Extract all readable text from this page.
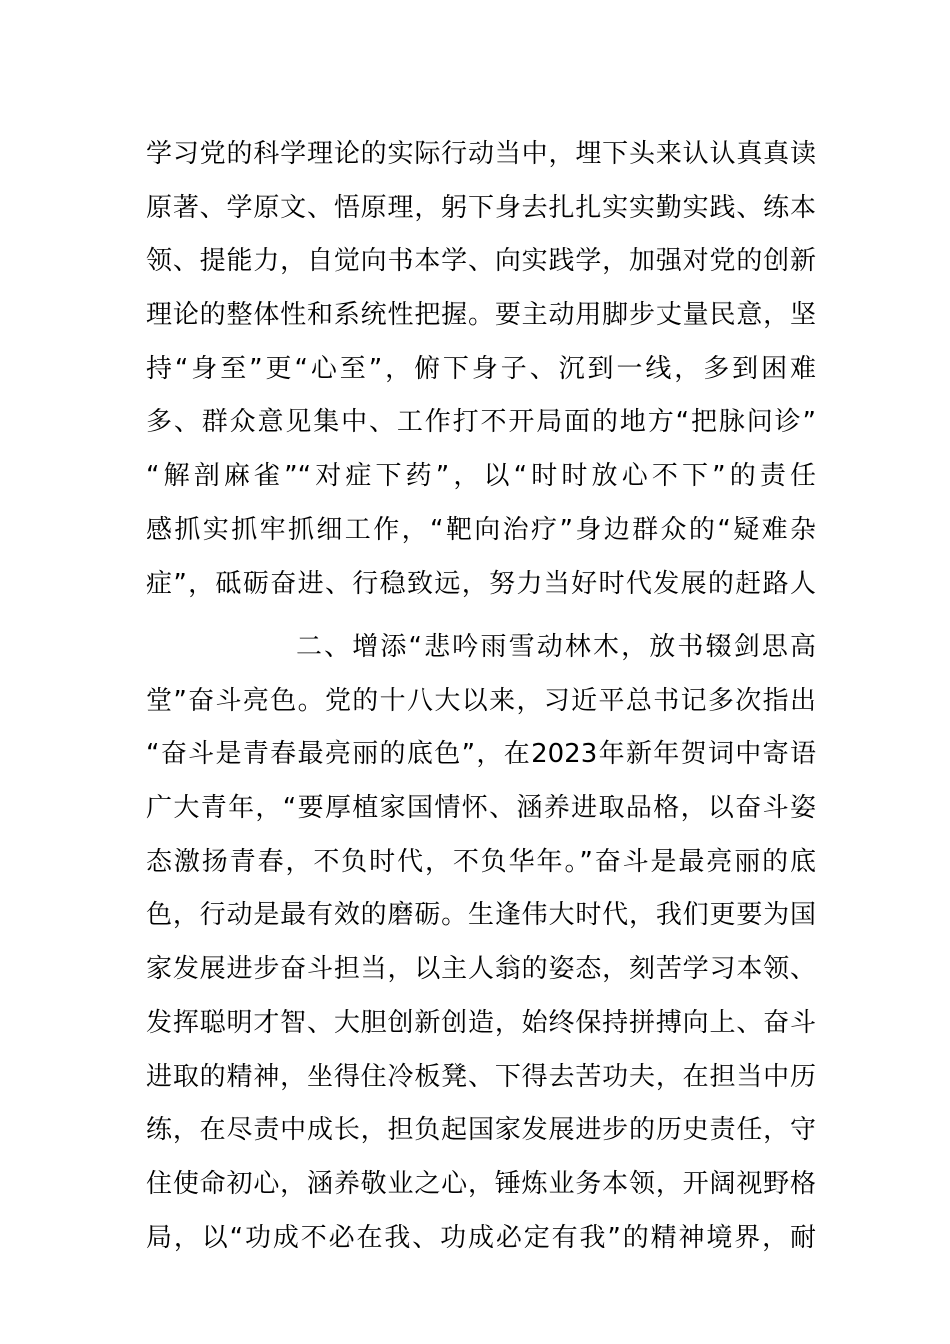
学习党的科学理论的实际行动当中，埋下头来认认真真读
原著、学原文、悟原理，躬下身去扎扎实实勤实践、练本
领、提能力，自觉向书本学、向实践学，加强对党的创新
理论的整体性和系统性把握。要主动用脚步丈量民意，坚
持“身至”更“心至”，俯下身子、沉到一线，多到困难
多、群众意见集中、工作打不开局面的地方“把脉问诊”
“解剖麻雀”“对症下药”，以“时时放心不下”的责任
感抓实抓牢抓细工作，“靶向治疗”身边群众的“疑难杂
症”，砥砺奋进、行稳致远，努力当好时代发展的赶路人
二、增添“悲吟雨雪动林木，放书辍剑思高
堂”奋斗亮色。党的十八大以来，习近平总书记多次指出
“奋斗是青春最亮丽的底色”，在2023年新年贺词中寄语
广大青年，“要厚植家国情怀、涵养进取品格，以奋斗姿
态激扬青春，不负时代，不负华年。”奋斗是最亮丽的底
色，行动是最有效的磨砺。生逢伟大时代，我们更要为国
家发展进步奋斗担当，以主人翁的姿态，刻苦学习本领、
发挥聪明才智、大胆创新创造，始终保持拼搏向上、奋斗
进取的精神，坐得住冷板凳、下得去苦功夫，在担当中历
练，在尽责中成长，担负起国家发展进步的历史责任，守
住使命初心，涵养敬业之心，锤炼业务本领，开阔视野格
局，以“功成不必在我、功成必定有我”的精神境界，耐
